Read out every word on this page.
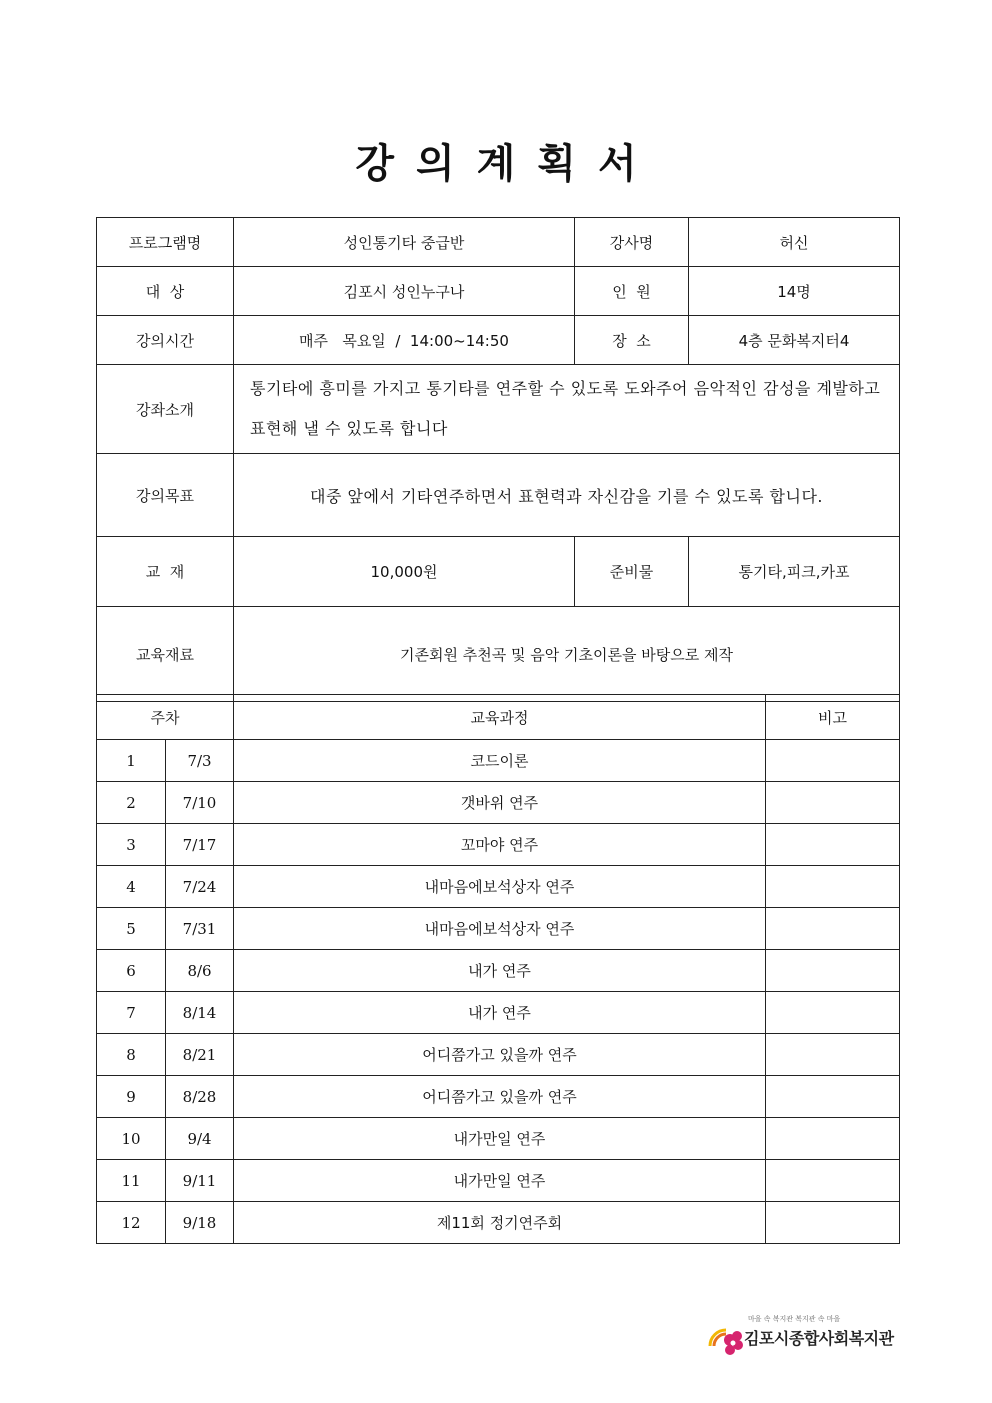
강의계획서
프로그램명	성인통기타 중급반	강사명	허신
대  상	김포시 성인누구나	인  원	14명
강의시간	매주   목요일  /  14:00~14:50	장  소	4층 문화복지터4
강좌소개	통기타에 흥미를 가지고 통기타를 연주할 수 있도록 도와주어 음악적인 감성을 계발하고 표현해 낼 수 있도록 합니다		
강의목표	대중 앞에서 기타연주하면서 표현력과 자신감을 기를 수 있도록 합니다.		
교  재	10,000원	준비물	통기타,피크,카포
교육재료	기존회원 추천곡 및 음악 기초이론을 바탕으로 제작		
주차		교육과정	비고
1	7/3	코드이론	
2	7/10	갯바위 연주	
3	7/17	꼬마야 연주	
4	7/24	내마음에보석상자 연주	
5	7/31	내마음에보석상자 연주	
6	8/6	내가 연주	
7	8/14	내가 연주	
8	8/21	어디쯤가고 있을까 연주	
9	8/28	어디쯤가고 있을까 연주	
10	9/4	내가만일 연주	
11	9/11	내가만일 연주	
12	9/18	제11회 정기연주회	
마을 속 복지관 복지관 속 마을
김포시종합사회복지관
